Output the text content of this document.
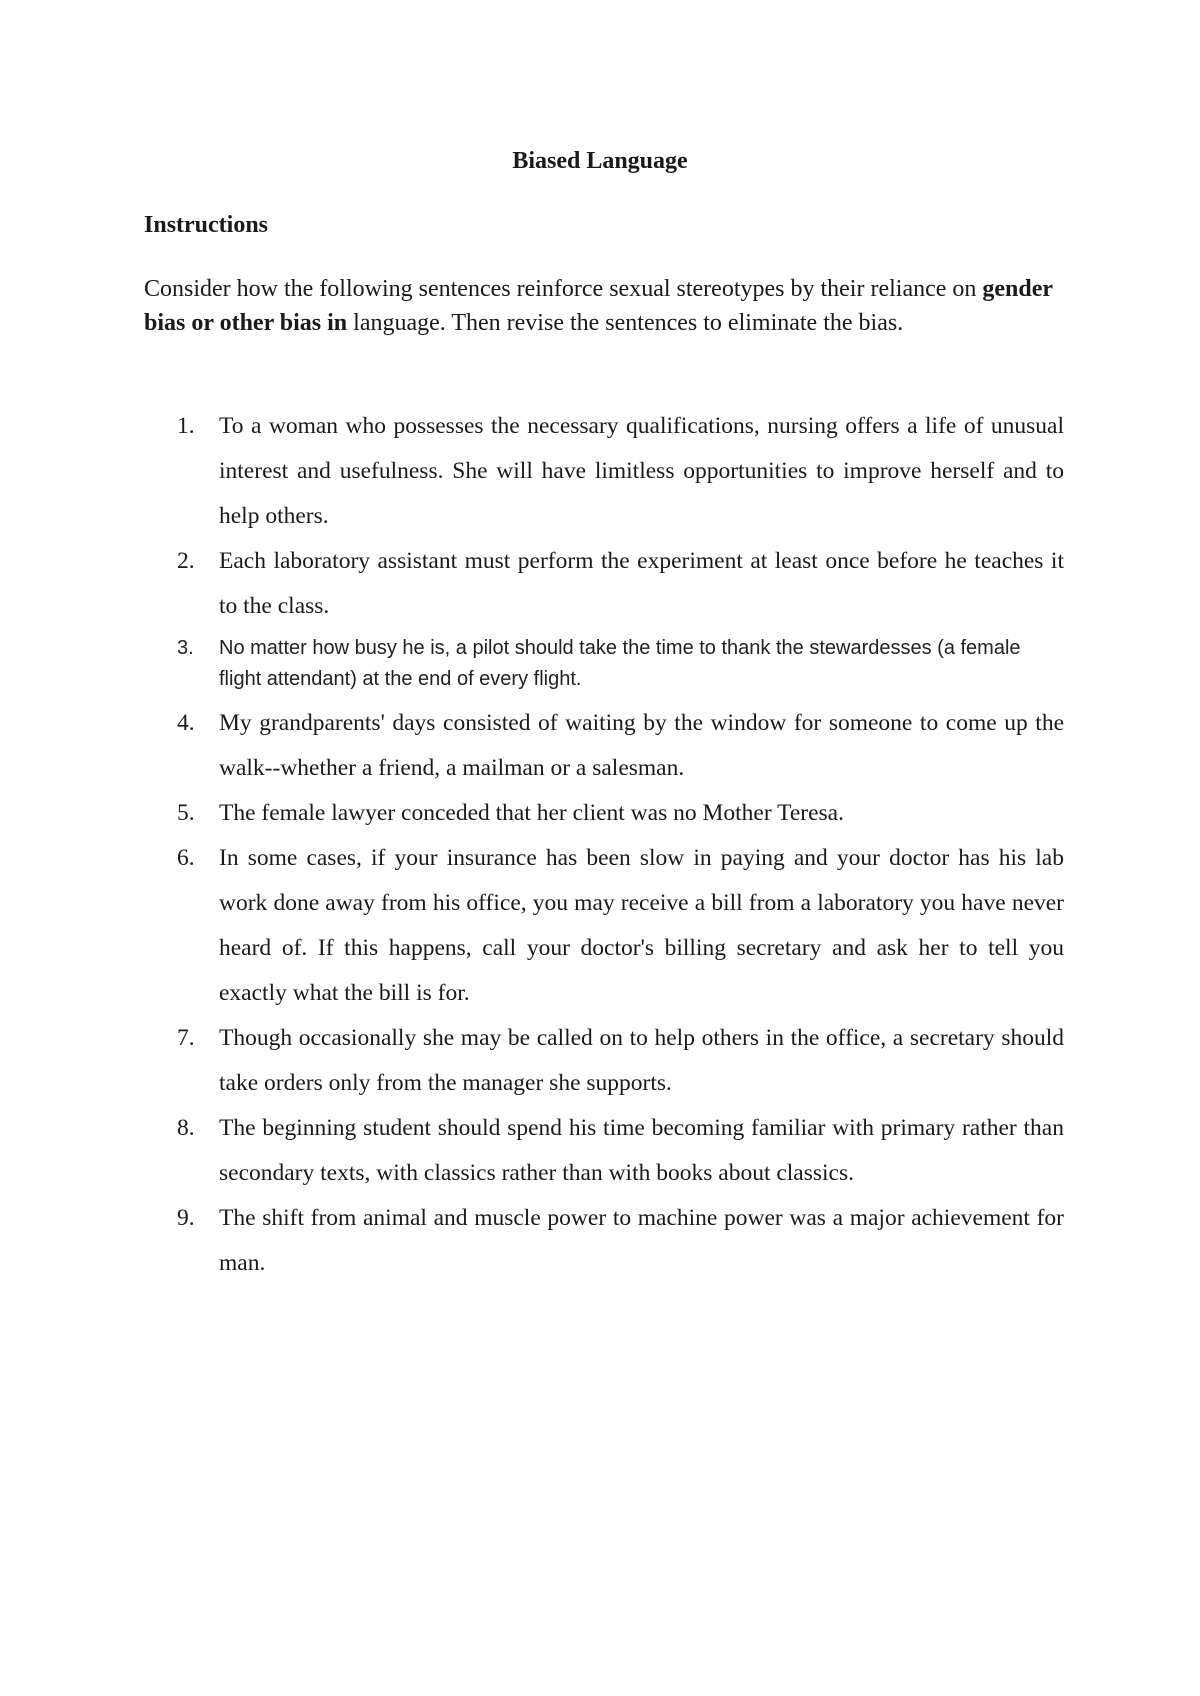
Biased Language
Instructions
Consider how the following sentences reinforce sexual stereotypes by their reliance on gender bias or other bias in language. Then revise the sentences to eliminate the bias.
1. To a woman who possesses the necessary qualifications, nursing offers a life of unusual interest and usefulness. She will have limitless opportunities to improve herself and to help others.
2. Each laboratory assistant must perform the experiment at least once before he teaches it to the class.
3. No matter how busy he is, a pilot should take the time to thank the stewardesses (a female flight attendant) at the end of every flight.
4. My grandparents' days consisted of waiting by the window for someone to come up the walk--whether a friend, a mailman or a salesman.
5. The female lawyer conceded that her client was no Mother Teresa.
6. In some cases, if your insurance has been slow in paying and your doctor has his lab work done away from his office, you may receive a bill from a laboratory you have never heard of. If this happens, call your doctor's billing secretary and ask her to tell you exactly what the bill is for.
7. Though occasionally she may be called on to help others in the office, a secretary should take orders only from the manager she supports.
8. The beginning student should spend his time becoming familiar with primary rather than secondary texts, with classics rather than with books about classics.
9. The shift from animal and muscle power to machine power was a major achievement for man.
